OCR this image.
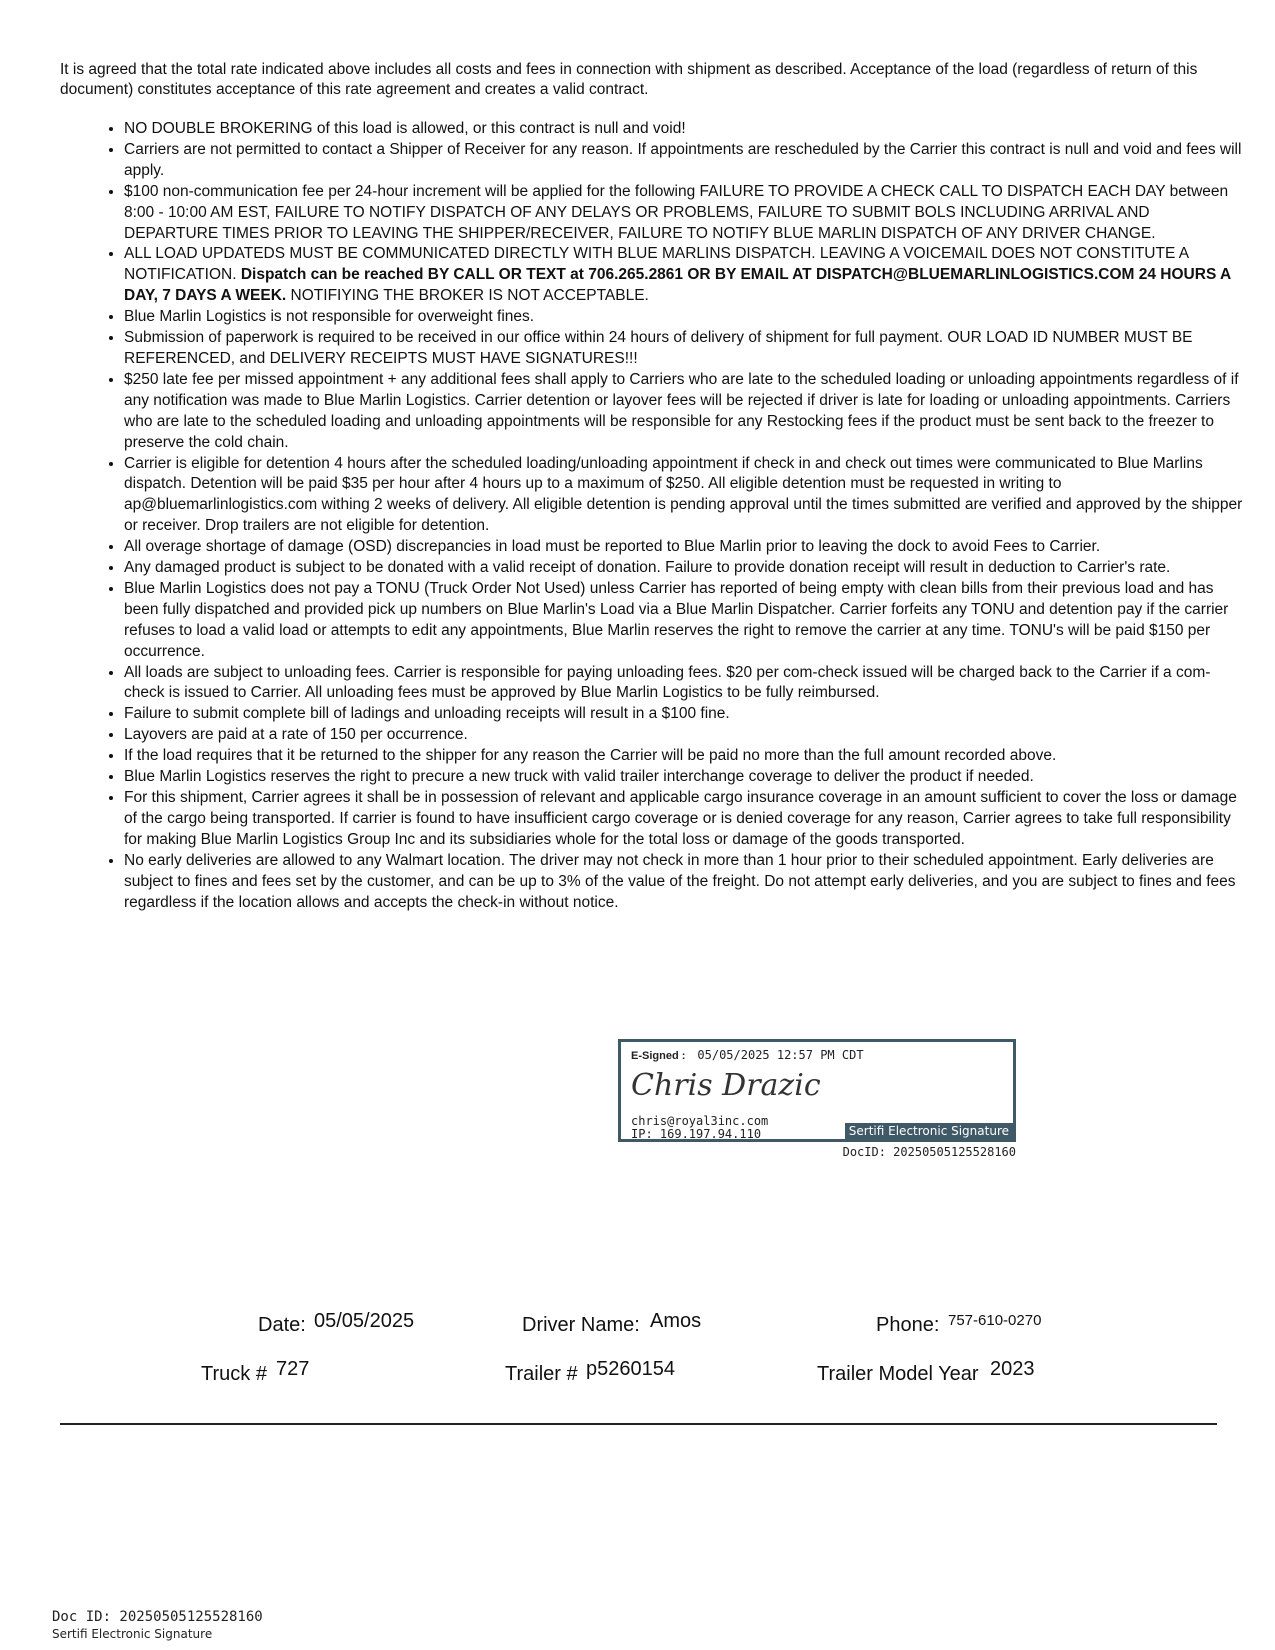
It is agreed that the total rate indicated above includes all costs and fees in connection with shipment as described. Acceptance of the load (regardless of return of this document) constitutes acceptance of this rate agreement and creates a valid contract.

• NO DOUBLE BROKERING of this load is allowed, or this contract is null and void!
• Carriers are not permitted to contact a Shipper of Receiver for any reason. If appointments are rescheduled by the Carrier this contract is null and void and fees will apply.
• $100 non-communication fee per 24-hour increment will be applied for the following FAILURE TO PROVIDE A CHECK CALL TO DISPATCH EACH DAY between 8:00 - 10:00 AM EST, FAILURE TO NOTIFY DISPATCH OF ANY DELAYS OR PROBLEMS, FAILURE TO SUBMIT BOLS INCLUDING ARRIVAL AND DEPARTURE TIMES PRIOR TO LEAVING THE SHIPPER/RECEIVER, FAILURE TO NOTIFY BLUE MARLIN DISPATCH OF ANY DRIVER CHANGE.
• ALL LOAD UPDATEDS MUST BE COMMUNICATED DIRECTLY WITH BLUE MARLINS DISPATCH. LEAVING A VOICEMAIL DOES NOT CONSTITUTE A NOTIFICATION. Dispatch can be reached BY CALL OR TEXT at 706.265.2861 OR BY EMAIL AT DISPATCH@BLUEMARLINLOGISTICS.COM 24 HOURS A DAY, 7 DAYS A WEEK. NOTIFIYING THE BROKER IS NOT ACCEPTABLE.
• Blue Marlin Logistics is not responsible for overweight fines.
• Submission of paperwork is required to be received in our office within 24 hours of delivery of shipment for full payment. OUR LOAD ID NUMBER MUST BE REFERENCED, and DELIVERY RECEIPTS MUST HAVE SIGNATURES!!!
• $250 late fee per missed appointment + any additional fees shall apply to Carriers who are late to the scheduled loading or unloading appointments regardless of if any notification was made to Blue Marlin Logistics. Carrier detention or layover fees will be rejected if driver is late for loading or unloading appointments. Carriers who are late to the scheduled loading and unloading appointments will be responsible for any Restocking fees if the product must be sent back to the freezer to preserve the cold chain.
• Carrier is eligible for detention 4 hours after the scheduled loading/unloading appointment if check in and check out times were communicated to Blue Marlins dispatch. Detention will be paid $35 per hour after 4 hours up to a maximum of $250. All eligible detention must be requested in writing to ap@bluemarlinlogistics.com withing 2 weeks of delivery. All eligible detention is pending approval until the times submitted are verified and approved by the shipper or receiver. Drop trailers are not eligible for detention.
• All overage shortage of damage (OSD) discrepancies in load must be reported to Blue Marlin prior to leaving the dock to avoid Fees to Carrier.
• Any damaged product is subject to be donated with a valid receipt of donation. Failure to provide donation receipt will result in deduction to Carrier's rate.
• Blue Marlin Logistics does not pay a TONU (Truck Order Not Used) unless Carrier has reported of being empty with clean bills from their previous load and has been fully dispatched and provided pick up numbers on Blue Marlin's Load via a Blue Marlin Dispatcher. Carrier forfeits any TONU and detention pay if the carrier refuses to load a valid load or attempts to edit any appointments, Blue Marlin reserves the right to remove the carrier at any time. TONU's will be paid $150 per occurrence.
• All loads are subject to unloading fees. Carrier is responsible for paying unloading fees. $20 per com-check issued will be charged back to the Carrier if a com-check is issued to Carrier. All unloading fees must be approved by Blue Marlin Logistics to be fully reimbursed.
• Failure to submit complete bill of ladings and unloading receipts will result in a $100 fine.
• Layovers are paid at a rate of 150 per occurrence.
• If the load requires that it be returned to the shipper for any reason the Carrier will be paid no more than the full amount recorded above.
• Blue Marlin Logistics reserves the right to precure a new truck with valid trailer interchange coverage to deliver the product if needed.
• For this shipment, Carrier agrees it shall be in possession of relevant and applicable cargo insurance coverage in an amount sufficient to cover the loss or damage of the cargo being transported. If carrier is found to have insufficient cargo coverage or is denied coverage for any reason, Carrier agrees to take full responsibility for making Blue Marlin Logistics Group Inc and its subsidiaries whole for the total loss or damage of the goods transported.
• No early deliveries are allowed to any Walmart location. The driver may not check in more than 1 hour prior to their scheduled appointment. Early deliveries are subject to fines and fees set by the customer, and can be up to 3% of the value of the freight. Do not attempt early deliveries, and you are subject to fines and fees regardless if the location allows and accepts the check-in without notice.
E-Signed : 05/05/2025 12:57 PM CDT
Chris Drazic
chris@royal3inc.com
IP: 169.197.94.110	Sertifi Electronic Signature
DocID: 20250505125528160
Date: 05/05/2025	Driver Name: Amos	Phone: 757-610-0270
Truck # 727	Trailer # p5260154	Trailer Model Year 2023
Doc ID: 20250505125528160
Sertifi Electronic Signature
